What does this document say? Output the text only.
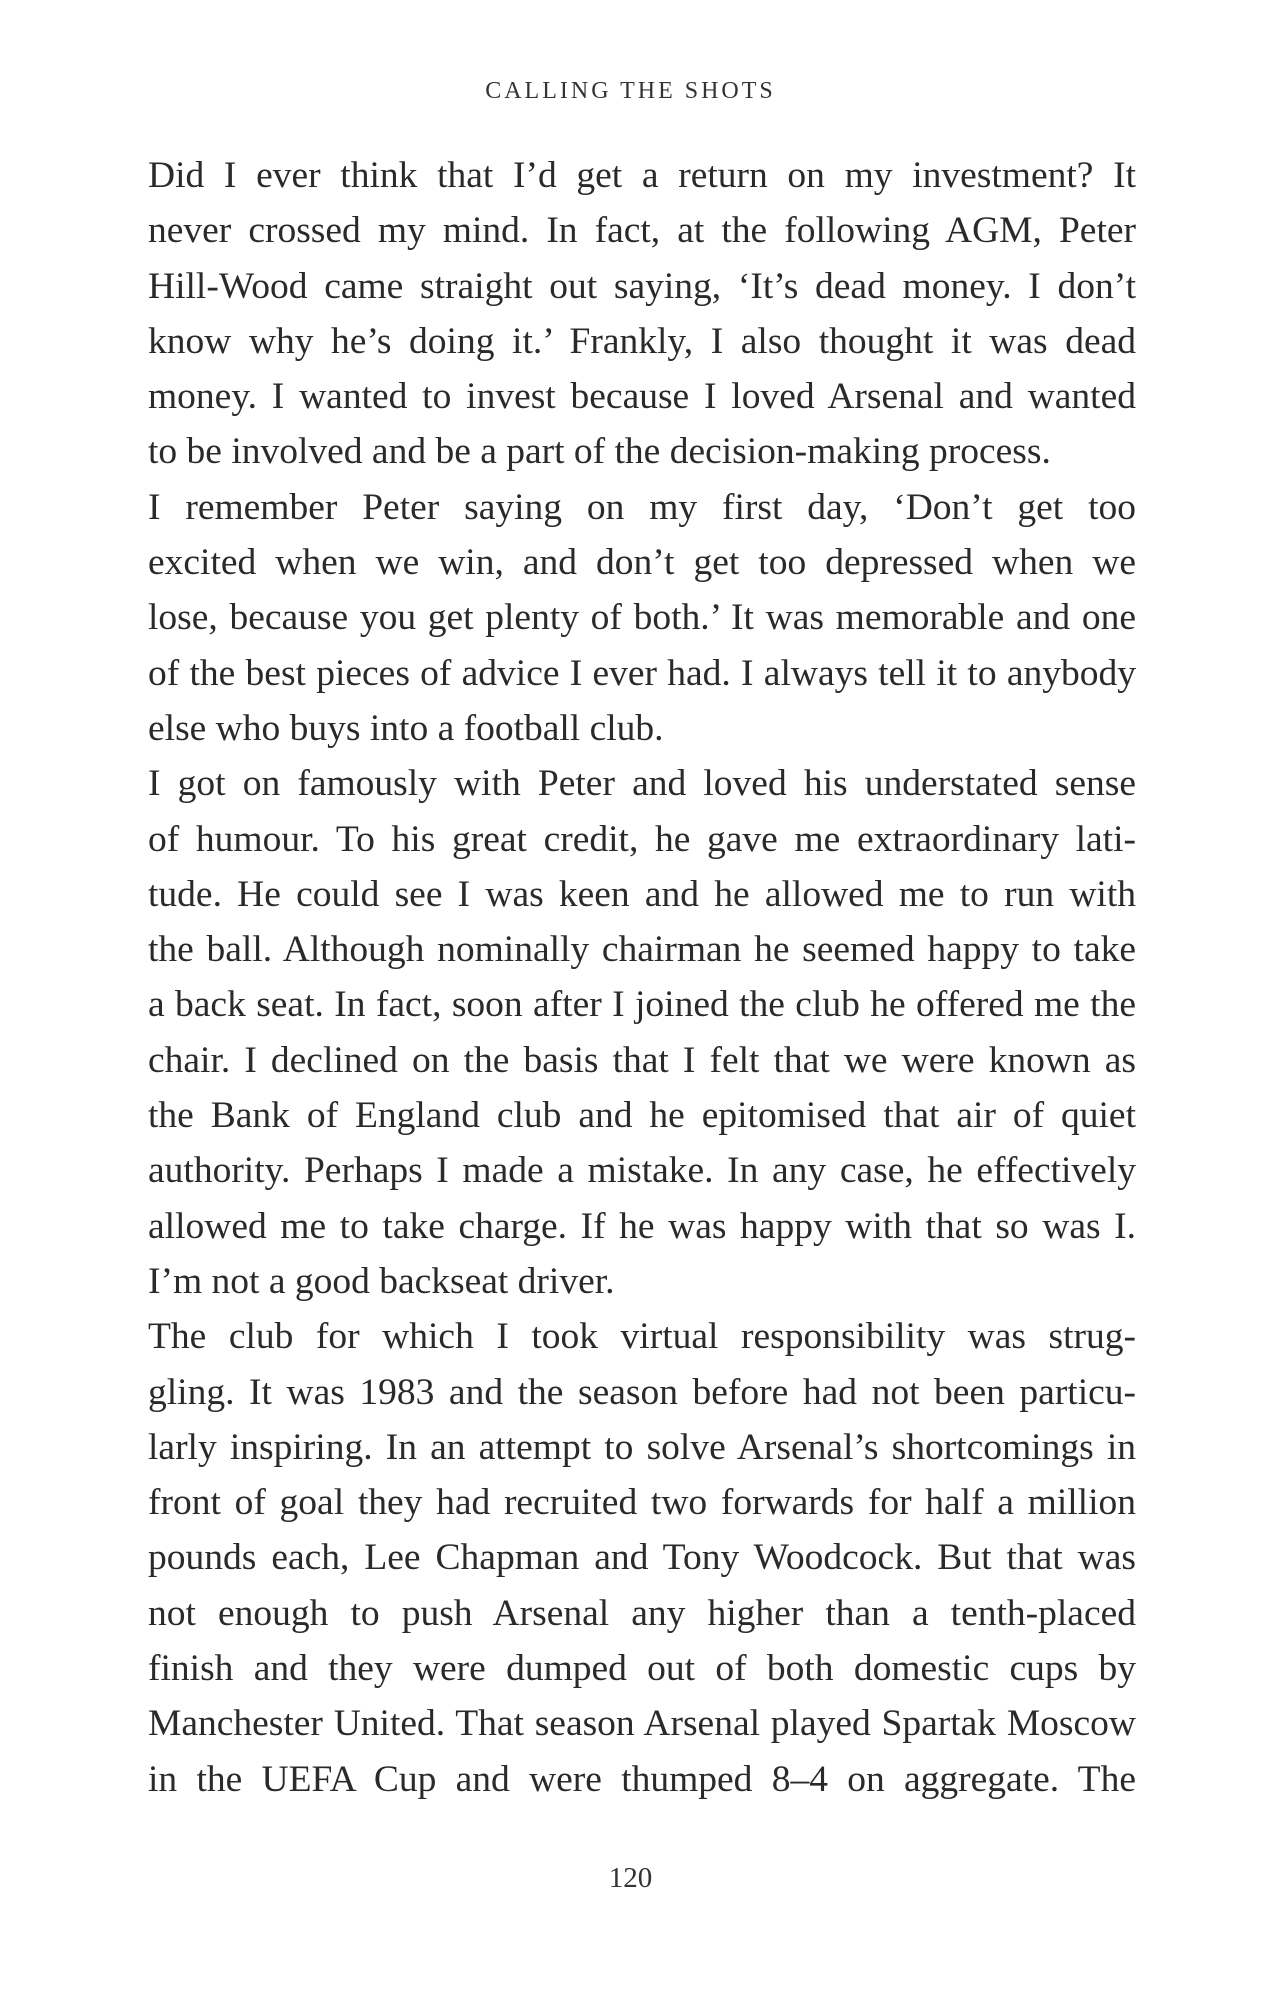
CALLING THE SHOTS

Did I ever think that I’d get a return on my investment? It
never crossed my mind. In fact, at the following AGM, Peter
Hill-Wood came straight out saying, ‘It’s dead money. I don’t
know why he’s doing it.’ Frankly, I also thought it was dead
money. I wanted to invest because I loved Arsenal and wanted
to be involved and be a part of the decision-making process.

I remember Peter saying on my first day, ‘Don’t get too
excited when we win, and don’t get too depressed when we
lose, because you get plenty of both.’ It was memorable and one
of the best pieces of advice I ever had. I always tell it to anybody
else who buys into a football club.

I got on famously with Peter and loved his understated sense
of humour. To his great credit, he gave me extraordinary lati-
tude. He could see I was keen and he allowed me to run with
the ball. Although nominally chairman he seemed happy to take
a back seat. In fact, soon after I joined the club he offered me the
chair. I declined on the basis that I felt that we were known as
the Bank of England club and he epitomised that air of quiet
authority. Perhaps I made a mistake. In any case, he effectively
allowed me to take charge. If he was happy with that so was I.
I’m not a good backseat driver.

The club for which I took virtual responsibility was strug-
gling. It was 1983 and the season before had not been particu-
larly inspiring. In an attempt to solve Arsenal’s shortcomings in
front of goal they had recruited two forwards for half a million
pounds each, Lee Chapman and Tony Woodcock. But that was
not enough to push Arsenal any higher than a tenth-placed
finish and they were dumped out of both domestic cups by
Manchester United. That season Arsenal played Spartak Moscow
in the UEFA Cup and were thumped 8–4 on aggregate. The

120
